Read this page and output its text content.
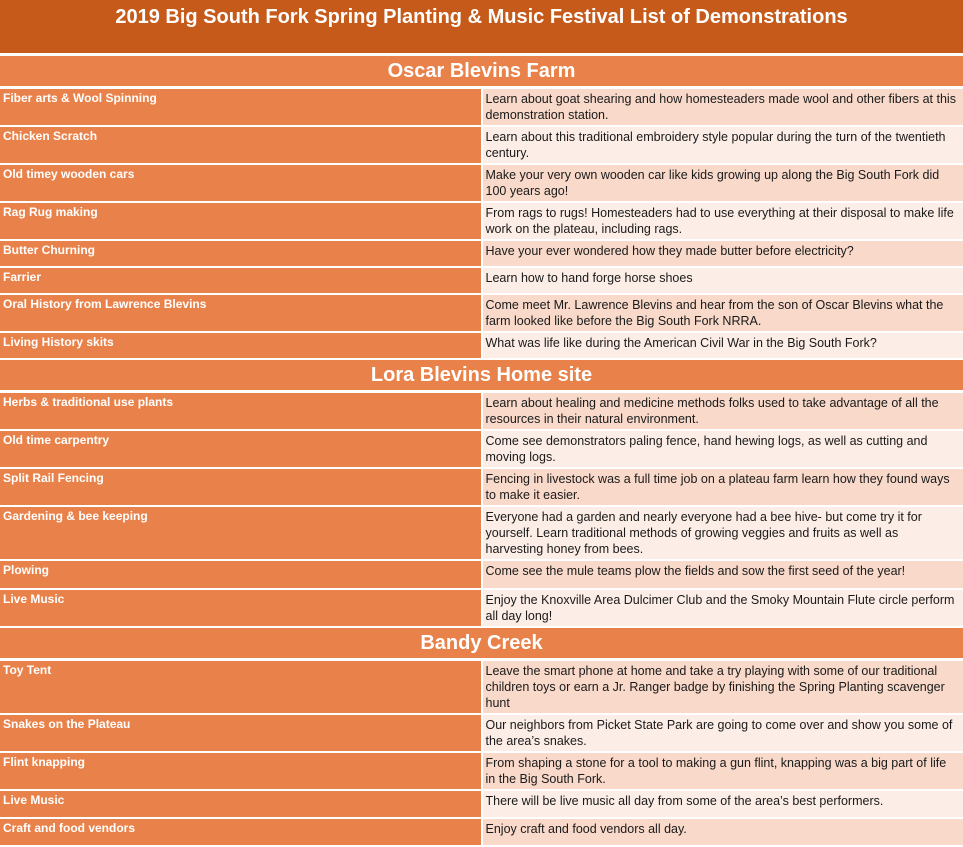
2019 Big South Fork Spring Planting & Music Festival List of Demonstrations	
Oscar Blevins Farm	
Fiber arts & Wool Spinning	Learn about goat shearing and how homesteaders made wool and other fibers at this demonstration station.
Chicken Scratch	Learn about this traditional embroidery style popular during the turn of the twentieth century.
Old timey wooden cars	Make your very own wooden car like kids growing up along the Big South Fork did 100 years ago!
Rag Rug making	From rags to rugs! Homesteaders had to use everything at their disposal to make life work on the plateau, including rags.
Butter Churning	Have your ever wondered how they made butter before electricity?
Farrier	Learn how to hand forge horse shoes
Oral History from Lawrence Blevins	Come meet Mr. Lawrence Blevins and hear from the son of Oscar Blevins what the farm looked like before the Big South Fork NRRA.
Living History skits	What was life like during the American Civil War in the Big South Fork?
Lora Blevins Home site	
Herbs & traditional use plants	Learn about healing and medicine methods folks used to take advantage of all the resources in their natural environment.
Old time carpentry	Come see demonstrators paling fence, hand hewing logs, as well as cutting and moving logs.
Split Rail Fencing	Fencing in livestock was a full time job on a plateau farm learn how they found ways to make it easier.
Gardening & bee keeping	Everyone had a garden and nearly everyone had a bee hive- but come try it for yourself. Learn traditional methods of growing veggies and fruits as well as harvesting honey from bees.
Plowing	Come see the mule teams plow the fields and sow the first seed of the year!
Live Music	Enjoy the Knoxville Area Dulcimer Club and the Smoky Mountain Flute circle perform all day long!
Bandy Creek	
Toy Tent	Leave the smart phone at home and take a try playing with some of our traditional children toys or earn a Jr. Ranger badge by finishing the Spring Planting scavenger hunt
Snakes on the Plateau	Our neighbors from Picket State Park are going to come over and show you some of the area’s snakes.
Flint knapping	From shaping a stone for a tool to making a gun flint, knapping was a big part of life in the Big South Fork.
Live Music	There will be live music all day from some of the area’s best performers.
Craft and food vendors	Enjoy craft and food vendors all day.
